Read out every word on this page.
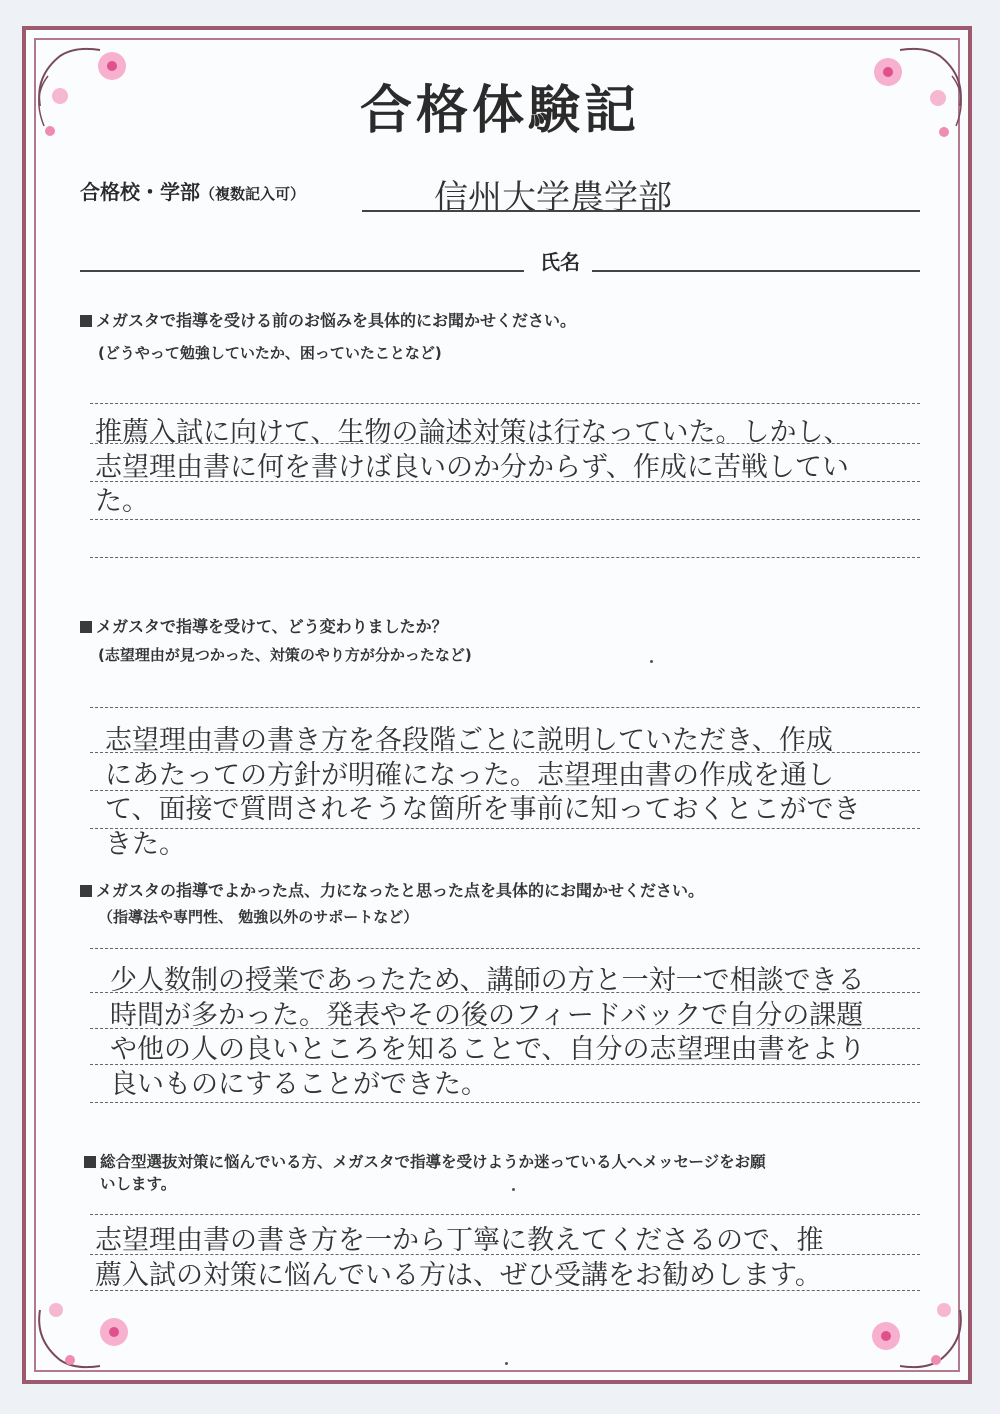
合格体験記
合格校・学部（複数記入可）	信州大学農学部
氏名
メガスタで指導を受ける前のお悩みを具体的にお聞かせください。
(どうやって勉強していたか、困っていたことなど)
推薦入試に向けて、生物の論述対策は行なっていた。しかし、
志望理由書に何を書けば良いのか分からず、作成に苦戦してい
た。
メガスタで指導を受けて、どう変わりましたか？
(志望理由が見つかった、対策のやり方が分かったなど)
志望理由書の書き方を各段階ごとに説明していただき、作成
にあたっての方針が明確になった。志望理由書の作成を通し
て、面接で質問されそうな箇所を事前に知っておくとこができ
きた。
メガスタの指導でよかった点、力になったと思った点を具体的にお聞かせください。
（指導法や専門性、 勉強以外のサポートなど）
少人数制の授業であったため、講師の方と一対一で相談できる
時間が多かった。発表やその後のフィードバックで自分の課題
や他の人の良いところを知ることで、自分の志望理由書をより
良いものにすることができた。
総合型選抜対策に悩んでいる方、メガスタで指導を受けようか迷っている人へメッセージをお願
いします。
志望理由書の書き方を一から丁寧に教えてくださるので、推
薦入試の対策に悩んでいる方は、ぜひ受講をお勧めします。
